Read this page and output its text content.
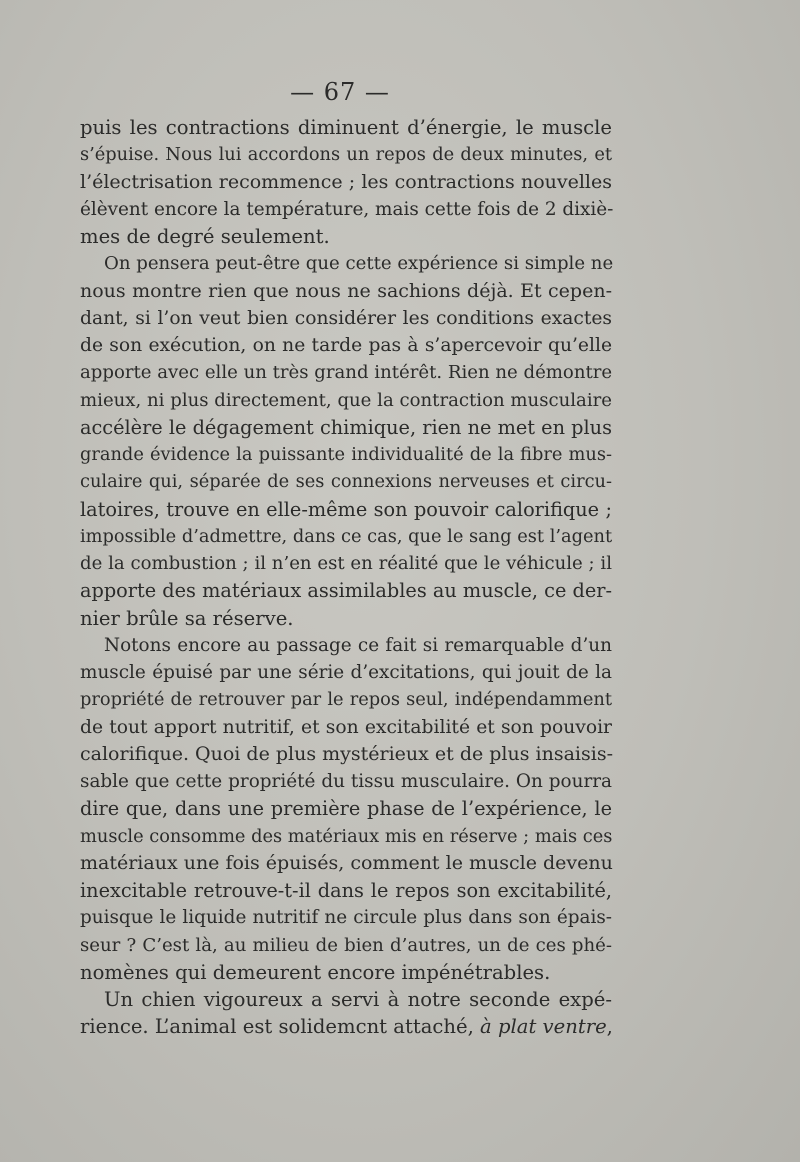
— 67 —
puis les contractions diminuent d’énergie, le muscle
s’épuise. Nous lui accordons un repos de deux minutes, et
l’électrisation recommence ; les contractions nouvelles
élèvent encore la température, mais cette fois de 2 dixiè-
mes de degré seulement.
On pensera peut-être que cette expérience si simple ne
nous montre rien que nous ne sachions déjà. Et cepen-
dant, si l’on veut bien considérer les conditions exactes
de son exécution, on ne tarde pas à s’apercevoir qu’elle
apporte avec elle un très grand intérêt. Rien ne démontre
mieux, ni plus directement, que la contraction musculaire
accélère le dégagement chimique, rien ne met en plus
grande évidence la puissante individualité de la fibre mus-
culaire qui, séparée de ses connexions nerveuses et circu-
latoires, trouve en elle-même son pouvoir calorifique ;
impossible d’admettre, dans ce cas, que le sang est l’agent
de la combustion ; il n’en est en réalité que le véhicule ; il
apporte des matériaux assimilables au muscle, ce der-
nier brûle sa réserve.
Notons encore au passage ce fait si remarquable d’un
muscle épuisé par une série d’excitations, qui jouit de la
propriété de retrouver par le repos seul, indépendamment
de tout apport nutritif, et son excitabilité et son pouvoir
calorifique. Quoi de plus mystérieux et de plus insaisis-
sable que cette propriété du tissu musculaire. On pourra
dire que, dans une première phase de l’expérience, le
muscle consomme des matériaux mis en réserve ; mais ces
matériaux une fois épuisés, comment le muscle devenu
inexcitable retrouve-t-il dans le repos son excitabilité,
puisque le liquide nutritif ne circule plus dans son épais-
seur ? C’est là, au milieu de bien d’autres, un de ces phé-
nomènes qui demeurent encore impénétrables.
Un chien vigoureux a servi à notre seconde expé-
rience. L’animal est solidemcnt attaché, à plat ventre,
